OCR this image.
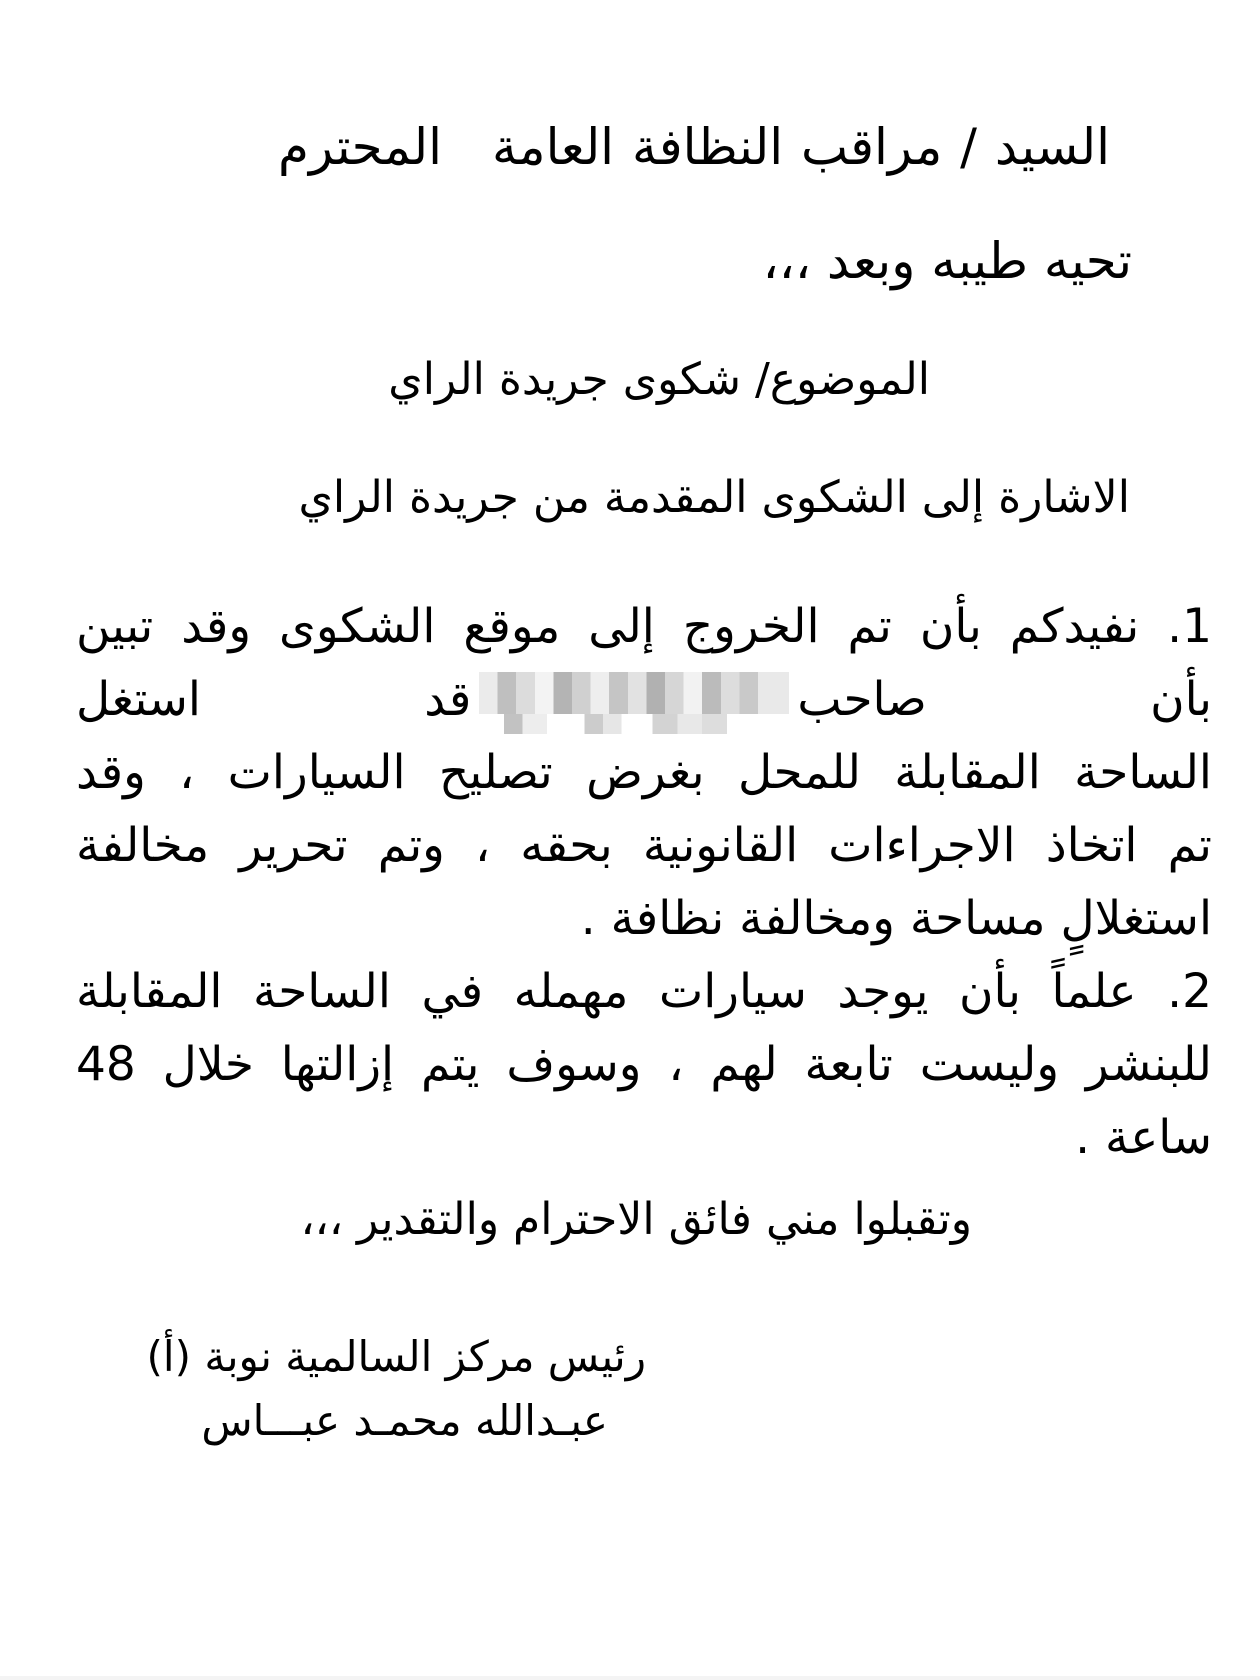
السيد / مراقب النظافة العامةالمحترم
تحيه طيبه وبعد ،،،
الموضوع/ شكوى جريدة الراي
الاشارة إلى الشكوى المقدمة من جريدة الراي
1. نفيدكم بأن تم الخروج إلى موقع الشكوى وقد تبين
بأن صاحبقد استغل
الساحة المقابلة للمحل بغرض تصليح السيارات ، وقد
تم اتخاذ الاجراءات القانونية بحقه ، وتم تحرير مخالفة
استغلالٍ مساحة ومخالفة نظافة .
2. علماً بأن يوجد سيارات مهمله في الساحة المقابلة
للبنشر وليست تابعة لهم ، وسوف يتم إزالتها خلال 48
ساعة .
وتقبلوا مني فائق الاحترام والتقدير ،،،
رئيس مركز السالمية نوبة (أ)
عبـدالله محمـد عبـــاس
